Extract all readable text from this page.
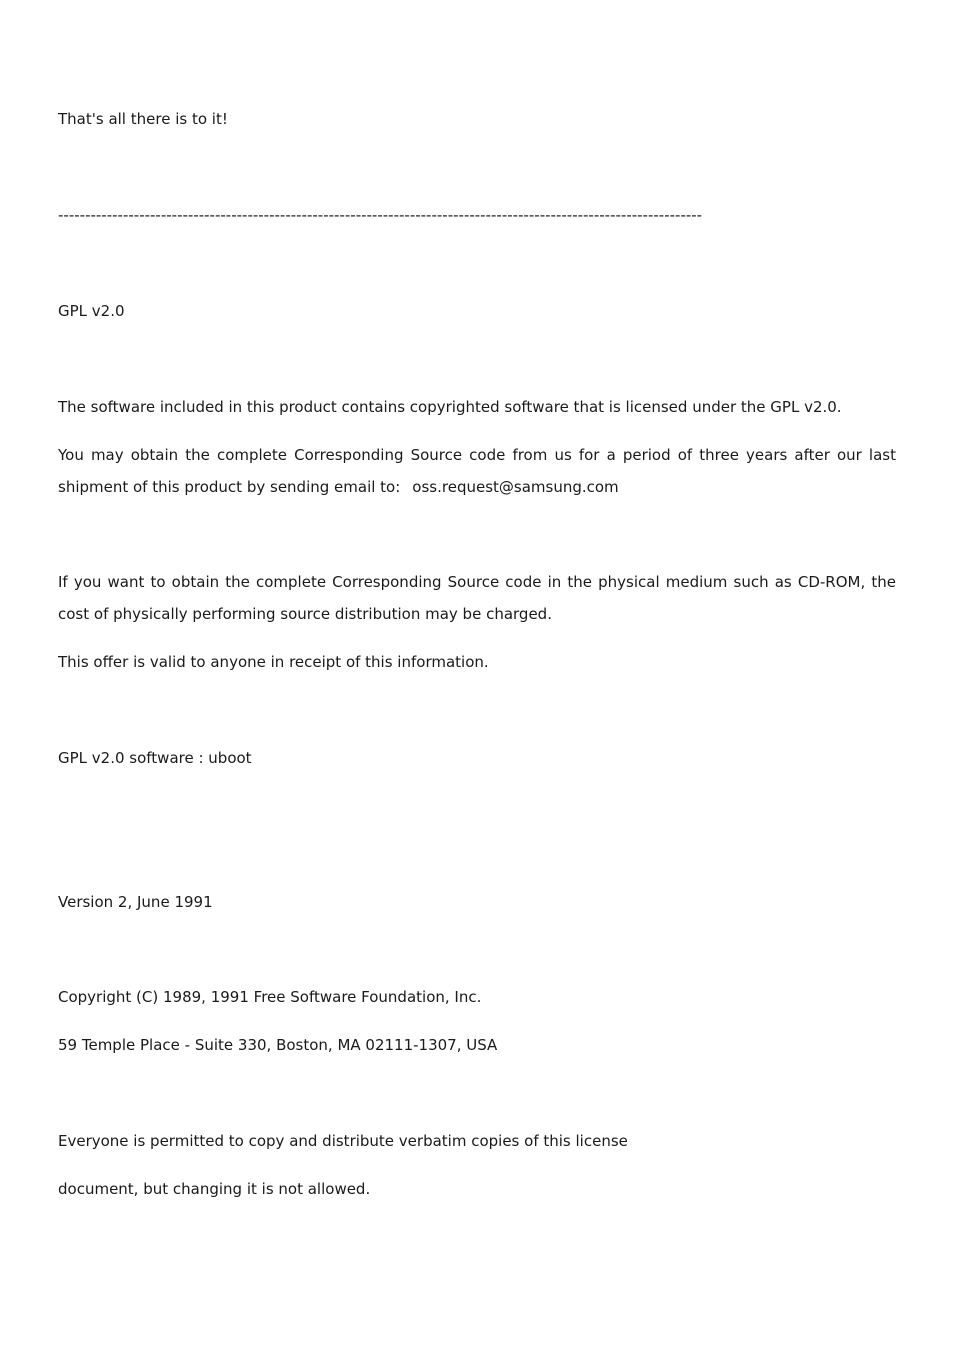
That's all there is to it!
-----------------------------------------------------------------------------------------------------------------------
GPL v2.0
The software included in this product contains copyrighted software that is licensed under the GPL v2.0.
You may obtain the complete Corresponding Source code from us for a period of three years after our last shipment of this product by sending email to: oss.request@samsung.com
If you want to obtain the complete Corresponding Source code in the physical medium such as CD-ROM, the cost of physically performing source distribution may be charged.
This offer is valid to anyone in receipt of this information.
GPL v2.0 software : uboot
Version 2, June 1991
Copyright (C) 1989, 1991 Free Software Foundation, Inc.
59 Temple Place - Suite 330, Boston, MA 02111-1307, USA
Everyone is permitted to copy and distribute verbatim copies of this license
document, but changing it is not allowed.
